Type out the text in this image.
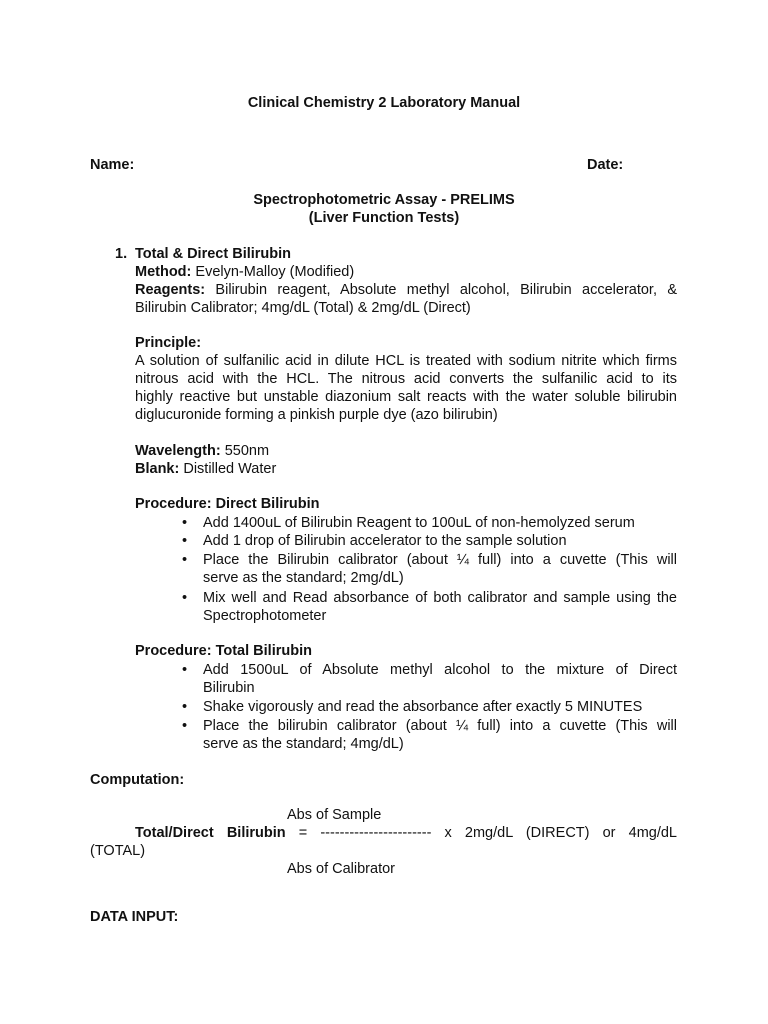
Clinical Chemistry 2 Laboratory Manual
Name:	Date:
Spectrophotometric Assay - PRELIMS
(Liver Function Tests)
1. Total & Direct Bilirubin
Method: Evelyn-Malloy (Modified)
Reagents: Bilirubin reagent, Absolute methyl alcohol, Bilirubin accelerator, &
Bilirubin Calibrator; 4mg/dL (Total) & 2mg/dL (Direct)
Principle:
A solution of sulfanilic acid in dilute HCL is treated with sodium nitrite which firms
nitrous acid with the HCL. The nitrous acid converts the sulfanilic acid to its
highly reactive but unstable diazonium salt reacts with the water soluble bilirubin
diglucuronide forming a pinkish purple dye (azo bilirubin)
Wavelength: 550nm
Blank: Distilled Water
Procedure: Direct Bilirubin
• Add 1400uL of Bilirubin Reagent to 100uL of non-hemolyzed serum
• Add 1 drop of Bilirubin accelerator to the sample solution
• Place the Bilirubin calibrator (about ¼ full) into a cuvette (This will
serve as the standard; 2mg/dL)
• Mix well and Read absorbance of both calibrator and sample using the
Spectrophotometer
Procedure: Total Bilirubin
• Add 1500uL of Absolute methyl alcohol to the mixture of Direct
Bilirubin
• Shake vigorously and read the absorbance after exactly 5 MINUTES
• Place the bilirubin calibrator (about ¼ full) into a cuvette (This will
serve as the standard; 4mg/dL)
Computation:
Abs of Sample
Total/Direct Bilirubin = ----------------------- x 2mg/dL (DIRECT) or 4mg/dL
(TOTAL)
Abs of Calibrator
DATA INPUT:
